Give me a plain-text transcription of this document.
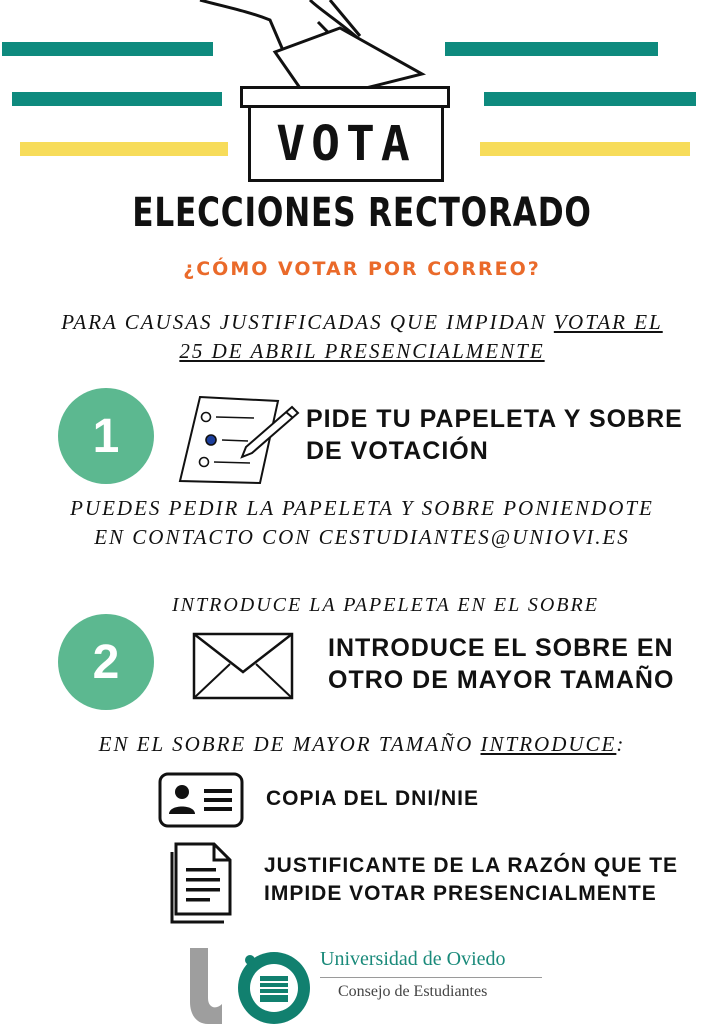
VOTA
ELECCIONES RECTORADO
¿CÓMO VOTAR POR CORREO?
PARA CAUSAS JUSTIFICADAS QUE IMPIDAN VOTAR EL
25 DE ABRIL PRESENCIALMENTE
1	PIDE TU PAPELETA Y SOBRE
DE VOTACIÓN
PUEDES PEDIR LA PAPELETA Y SOBRE PONIENDOTE
EN CONTACTO CON CESTUDIANTES@UNIOVI.ES
INTRODUCE LA PAPELETA EN EL SOBRE
2	INTRODUCE EL SOBRE EN
OTRO DE MAYOR TAMAÑO
EN EL SOBRE DE MAYOR TAMAÑO INTRODUCE:
COPIA DEL DNI/NIE
JUSTIFICANTE DE LA RAZÓN QUE TE
IMPIDE VOTAR PRESENCIALMENTE
Universidad de Oviedo
Consejo de Estudiantes
